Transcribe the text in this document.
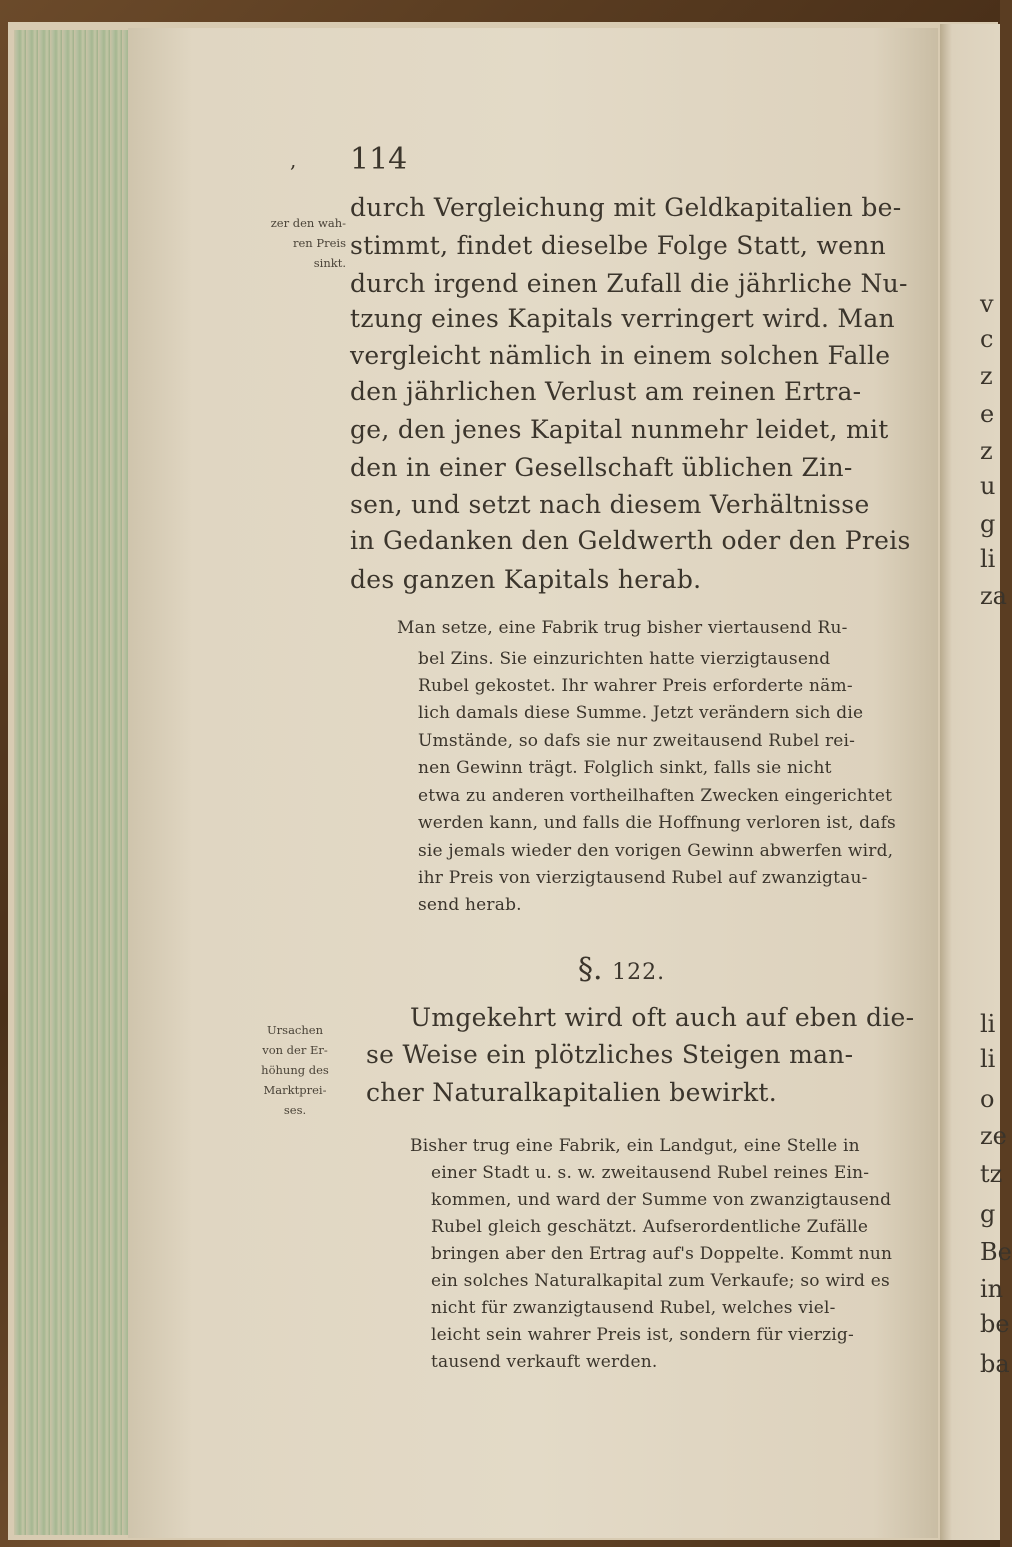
v
c
z
e
z
u
g
li
za
li
li
o
ze
tz
g
Be
in
be
ba
, 114
zer den wah-
ren Preis
sinkt.
durch Vergleichung mit Geldkapitalien be-
stimmt, findet dieselbe Folge Statt, wenn
durch irgend einen Zufall die jährliche Nu-
tzung eines Kapitals verringert wird. Man
vergleicht nämlich in einem solchen Falle
den jährlichen Verlust am reinen Ertra-
ge, den jenes Kapital nunmehr leidet, mit
den in einer Gesellschaft üblichen Zin-
sen, und setzt nach diesem Verhältnisse
in Gedanken den Geldwerth oder den Preis
des ganzen Kapitals herab.
Man setze, eine Fabrik trug bisher viertausend Ru-
bel Zins. Sie einzurichten hatte vierzigtausend
Rubel gekostet. Ihr wahrer Preis erforderte näm-
lich damals diese Summe. Jetzt verändern sich die
Umstände, so dafs sie nur zweitausend Rubel rei-
nen Gewinn trägt. Folglich sinkt, falls sie nicht
etwa zu anderen vortheilhaften Zwecken eingerichtet
werden kann, und falls die Hoffnung verloren ist, dafs
sie jemals wieder den vorigen Gewinn abwerfen wird,
ihr Preis von vierzigtausend Rubel auf zwanzigtau-
send herab.
§. 122.
Ursachen
von der Er-
höhung des
Marktprei-
ses.
Umgekehrt wird oft auch auf eben die-
se Weise ein plötzliches Steigen man-
cher Naturalkapitalien bewirkt.
Bisher trug eine Fabrik, ein Landgut, eine Stelle in
einer Stadt u. s. w. zweitausend Rubel reines Ein-
kommen, und ward der Summe von zwanzigtausend
Rubel gleich geschätzt. Aufserordentliche Zufälle
bringen aber den Ertrag auf's Doppelte. Kommt nun
ein solches Naturalkapital zum Verkaufe; so wird es
nicht für zwanzigtausend Rubel, welches viel-
leicht sein wahrer Preis ist, sondern für vierzig-
tausend verkauft werden.
